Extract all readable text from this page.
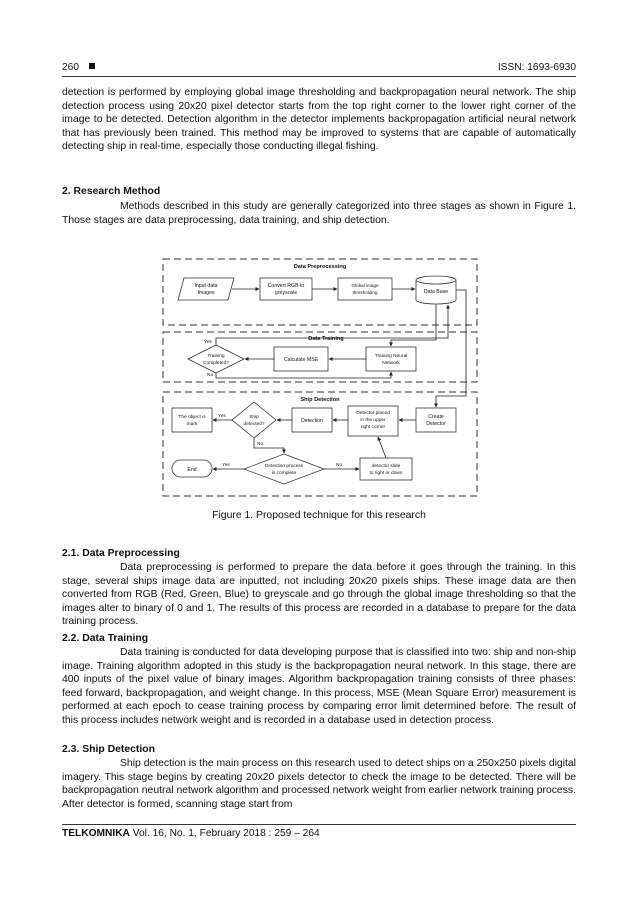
260	ISSN: 1693-6930

detection is performed by employing global image thresholding and backpropagation neural network. The ship detection process using 20x20 pixel detector starts from the top right corner to the lower right corner of the image to be detected. Detection algorithm in the detector implements backpropagation artificial neural network that has previously been trained. This method may be improved to systems that are capable of automatically detecting ship in real-time, especially those conducting illegal fishing.

2. Research Method

Methods described in this study are generally categorized into three stages as shown in Figure 1. Those stages are data preprocessing, data training, and ship detection.

Data Preprocessing
Data Training
Ship Detection
Input data
Images
Convert RGB to
greyscale
Global image
thresholding	Data Base
Training Neural
Network
Calculate MSE
Training
Completed?
Yes
No
Create
Detector
Detector placed
in the upper
right corner
Detection
Ship
detected?
Yes
No
The object is
mark
detector slide
to right or down
Detection process
is complete
No
Yes
End
Figure 1. Proposed technique for this research

2.1. Data Preprocessing

Data preprocessing is performed to prepare the data before it goes through the training. In this stage, several ships image data are inputted, not including 20x20 pixels ships. These image data are then converted from RGB (Red, Green, Blue) to greyscale and go through the global image thresholding so that the images alter to binary of 0 and 1. The results of this process are recorded in a database to prepare for the data training process.

2.2. Data Training

Data training is conducted for data developing purpose that is classified into two: ship and non-ship image. Training algorithm adopted in this study is the backpropagation neural network. In this stage, there are 400 inputs of the pixel value of binary images. Algorithm backpropagation training consists of three phases: feed forward, backpropagation, and weight change. In this process, MSE (Mean Square Error) measurement is performed at each epoch to cease training process by comparing error limit determined before. The result of this process includes network weight and is recorded in a database used in detection process.

2.3. Ship Detection

Ship detection is the main process on this research used to detect ships on a 250x250 pixels digital imagery. This stage begins by creating 20x20 pixels detector to check the image to be detected. There will be backpropagation neutral network algorithm and processed network weight from earlier network training process. After detector is formed, scanning stage start from

TELKOMNIKA Vol. 16, No. 1, February 2018 : 259 – 264
